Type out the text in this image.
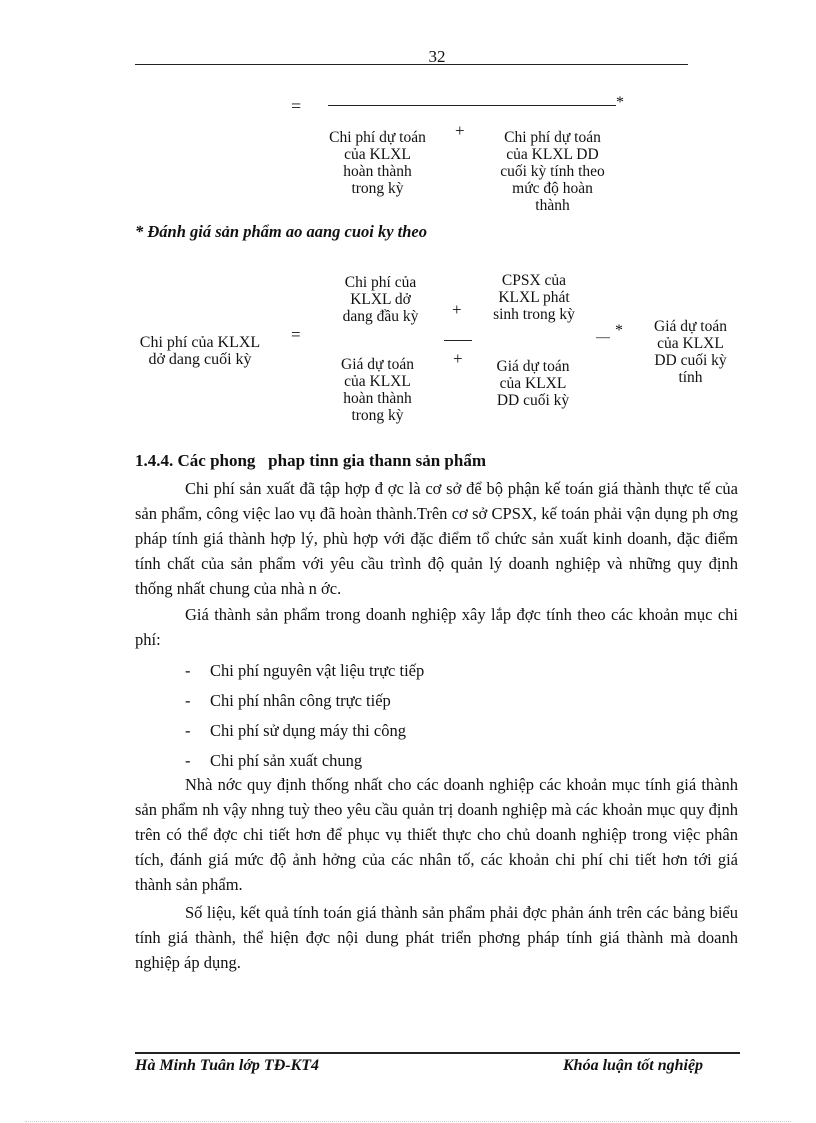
32
=	*
Chi phí dự toán
của KLXL
hoàn thành
trong kỳ
+	Chi phí dự toán
của KLXL DD
cuối kỳ tính theo
mức độ hoàn
thành
* Đánh giá sản phẩm ao aang cuoi ky theo
Chi phí của KLXL
dở dang cuối kỳ
=
Chi phí của
KLXL dở
dang đầu kỳ	+
CPSX của
KLXL phát
sinh trong kỳ
Giá dự toán
của KLXL
hoàn thành
trong kỳ
+	Giá dự toán
của KLXL
DD cuối kỳ
— *	Giá dự toán
của KLXL
DD cuối kỳ
tính
1.4.4. Các phong   phap tinn gia thann sản phẩm
Chi phí sản xuất đã tập hợp đ ợc là cơ sở để bộ phận kế toán giá thành thực tế của sản phẩm, công việc lao vụ đã hoàn thành.Trên cơ sở CPSX, kế toán phải vận dụng ph ơng pháp tính giá thành hợp lý, phù hợp với đặc điểm tổ chức sản xuất kinh doanh, đặc điểm tính chất của sản phẩm với yêu cầu trình độ quản lý doanh nghiệp và những quy định thống nhất chung của nhà n ớc.
Giá thành sản phẩm trong doanh nghiệp xây lắp đợc tính theo các khoản mục chi phí:
-	Chi phí nguyên vật liệu trực tiếp
-	Chi phí nhân công trực tiếp
-	Chi phí sử dụng máy thi công
-	Chi phí sản xuất chung
Nhà nớc quy định thống nhất cho các doanh nghiệp các khoản mục tính giá thành sản phẩm nh vậy nhng tuỳ theo yêu cầu quản trị doanh nghiệp mà các khoản mục quy định trên có thể đợc chi tiết hơn để phục vụ thiết thực cho chủ doanh nghiệp trong việc phân tích, đánh giá mức độ ảnh hởng của các nhân tố, các khoản chi phí chi tiết hơn tới giá thành sản phẩm.
Số liệu, kết quả tính toán giá thành sản phẩm phải đợc phản ánh trên các bảng biểu tính giá thành, thể hiện đợc nội dung phát triển phơng pháp tính giá thành mà doanh nghiệp áp dụng.
Hà Minh Tuân lớp TĐ-KT4	Khóa luận tốt nghiệp
